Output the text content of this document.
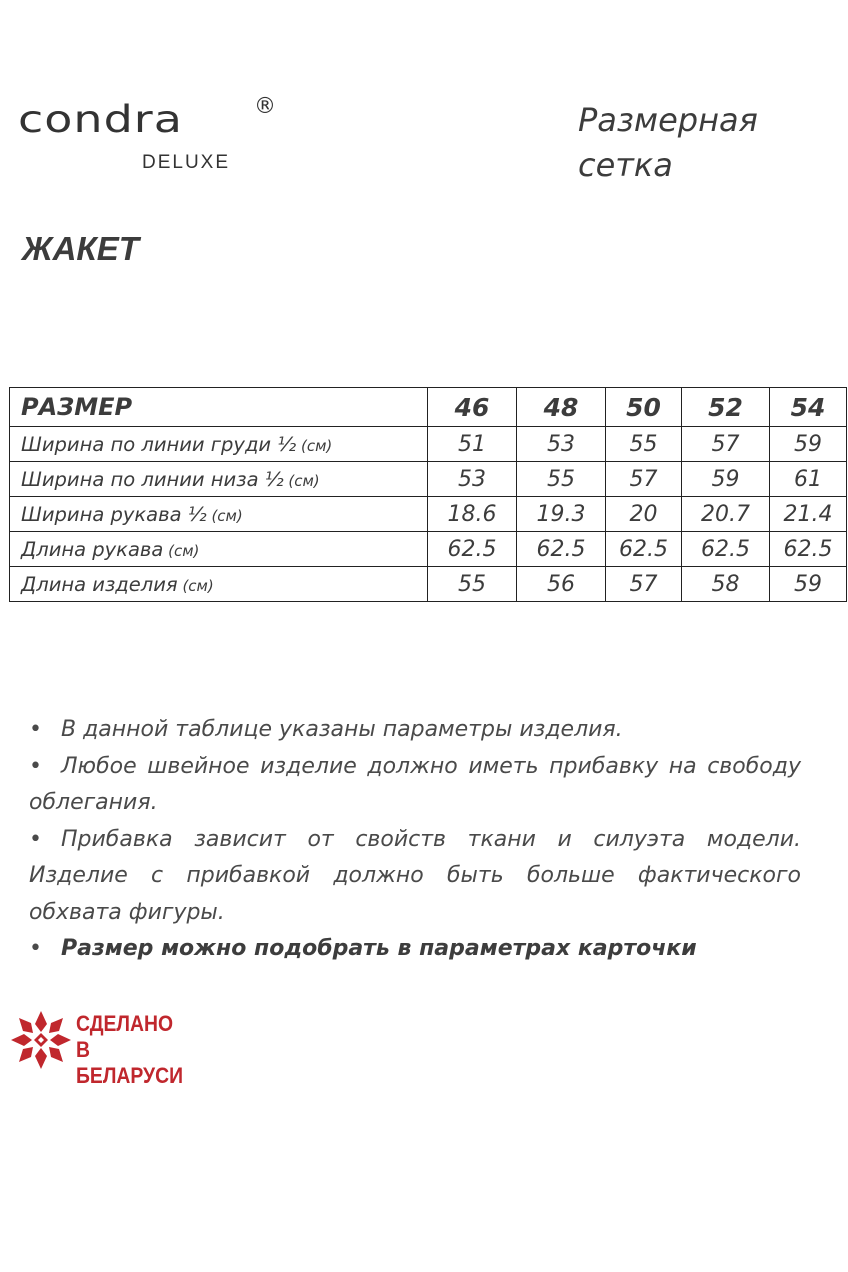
condra	®
DELUXE
Размерная
сетка
ЖАКЕТ
РАЗМЕР	46	48	50	52	54
Ширина по линии груди ½ (см)	51	53	55	57	59
Ширина по линии низа ½ (см)	53	55	57	59	61
Ширина рукава ½ (см)	18.6	19.3	20	20.7	21.4
Длина рукава (см)	62.5	62.5	62.5	62.5	62.5
Длина изделия (см)	55	56	57	58	59

• В данной таблице указаны параметры изделия.

• Любое швейное изделие должно иметь прибавку на свободу облегания.

• Прибавка зависит от свойств ткани и силуэта модели. Изделие с прибавкой должно быть больше фактического обхвата фигуры.

• Размер можно подобрать в параметрах карточки

СДЕЛАНО
В БЕЛАРУСИ
